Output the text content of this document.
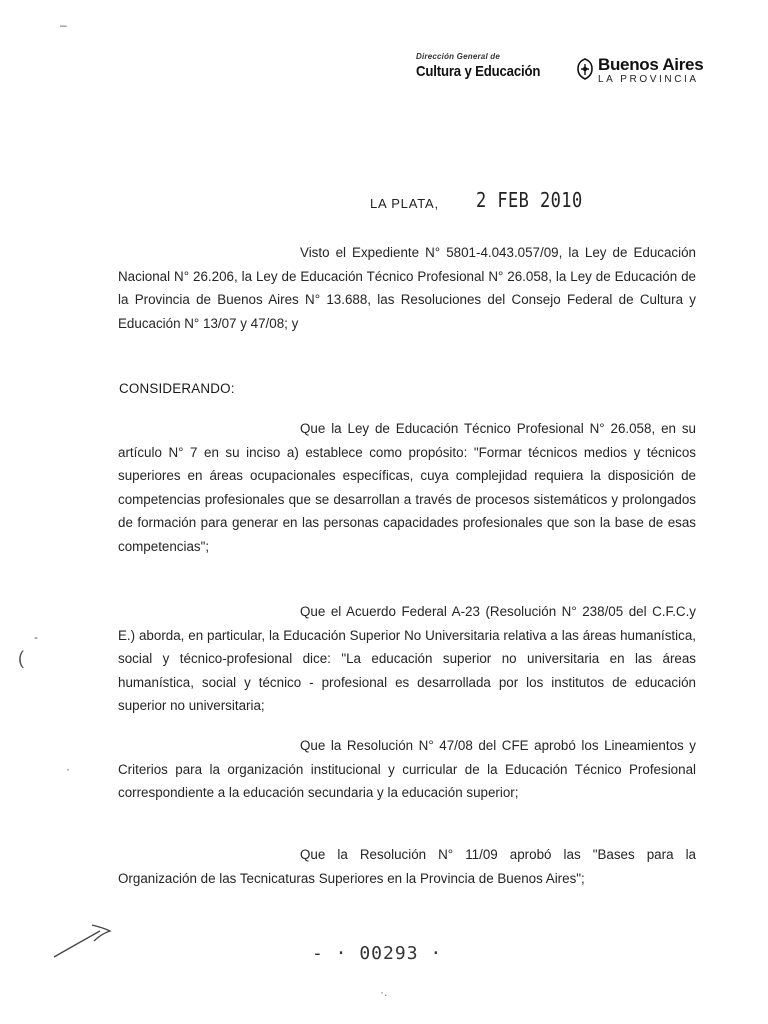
Dirección General de
Cultura y Educación	Buenos Aires
LA PROVINCIA
LA PLATA, 2 FEB 2010

Visto el Expediente N° 5801-4.043.057/09, la Ley de Educación Nacional N° 26.206, la Ley de Educación Técnico Profesional N° 26.058, la Ley de Educación de la Provincia de Buenos Aires N° 13.688, las Resoluciones del Consejo Federal de Cultura y Educación N° 13/07 y 47/08; y

CONSIDERANDO:

Que la Ley de Educación Técnico Profesional N° 26.058, en su artículo N° 7 en su inciso a) establece como propósito: "Formar técnicos medios y técnicos superiores en áreas ocupacionales específicas, cuya complejidad requiera la disposición de competencias profesionales que se desarrollan a través de procesos sistemáticos y prolongados de formación para generar en las personas capacidades profesionales que son la base de esas competencias";

Que el Acuerdo Federal A-23 (Resolución N° 238/05 del C.F.C.y E.) aborda, en particular, la Educación Superior No Universitaria relativa a las áreas humanística, social y técnico-profesional dice: "La educación superior no universitaria en las áreas humanística, social y técnico - profesional es desarrollada por los institutos de educación superior no universitaria;

Que la Resolución N° 47/08 del CFE aprobó los Lineamientos y Criterios para la organización institucional y curricular de la Educación Técnico Profesional correspondiente a la educación secundaria y la educación superior;

Que la Resolución N° 11/09 aprobó las "Bases para la Organización de las Tecnicaturas Superiores en la Provincia de Buenos Aires";

–
-
(
·
- · 00293 ·
·.
